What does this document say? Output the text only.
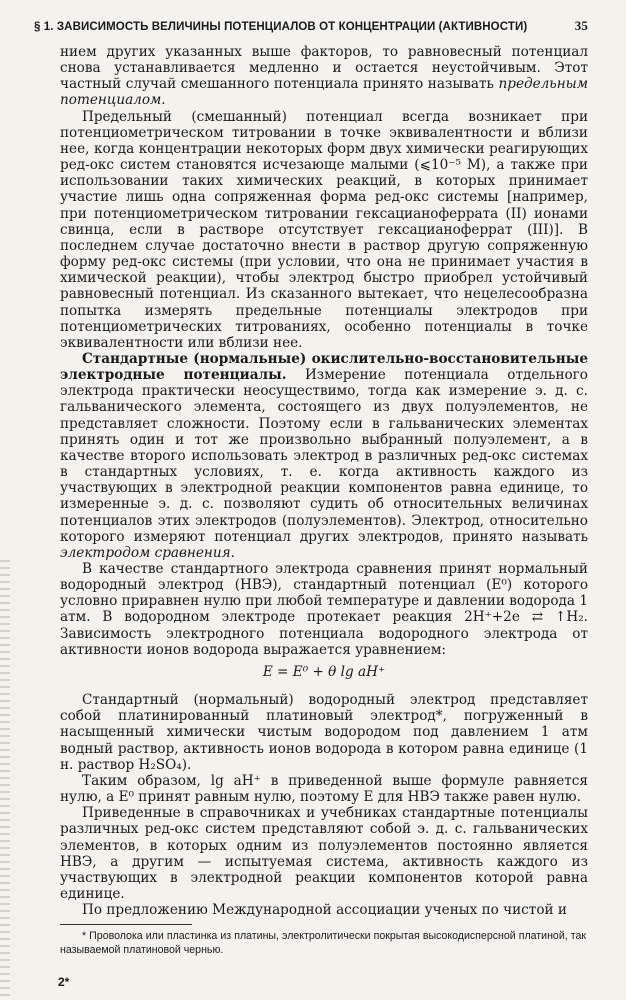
§ 1. ЗАВИСИМОСТЬ ВЕЛИЧИНЫ ПОТЕНЦИАЛОВ ОТ КОНЦЕНТРАЦИИ (АКТИВНОСТИ)	35

нием других указанных выше факторов, то равновесный потенциал снова устанавливается медленно и остается неустойчивым. Этот частный случай смешанного потенциала принято называть предельным потенциалом.

Предельный (смешанный) потенциал всегда возникает при потенциометрическом титровании в точке эквивалентности и вблизи нее, когда концентрации некоторых форм двух химически реагирующих ред-окс систем становятся исчезающе малыми (⩽10⁻⁵ M), а также при использовании таких химических реакций, в которых принимает участие лишь одна сопряженная форма ред-окс системы [например, при потенциометрическом титровании гексацианоферрата (II) ионами свинца, если в растворе отсутствует гексацианоферрат (III)]. В последнем случае достаточно внести в раствор другую сопряженную форму ред-окс системы (при условии, что она не принимает участия в химической реакции), чтобы электрод быстро приобрел устойчивый равновесный потенциал. Из сказанного вытекает, что нецелесообразна попытка измерять предельные потенциалы электродов при потенциометрических титрованиях, особенно потенциалы в точке эквивалентности или вблизи нее.

Стандартные (нормальные) окислительно-восстановительные электродные потенциалы. Измерение потенциала отдельного электрода практически неосуществимо, тогда как измерение э. д. с. гальванического элемента, состоящего из двух полуэлементов, не представляет сложности. Поэтому если в гальванических элементах принять один и тот же произвольно выбранный полуэлемент, а в качестве второго использовать электрод в различных ред-окс системах в стандартных условиях, т. е. когда активность каждого из участвующих в электродной реакции компонентов равна единице, то измеренные э. д. с. позволяют судить об относительных величинах потенциалов этих электродов (полуэлементов). Электрод, относительно которого измеряют потенциал других электродов, принято называть электродом сравнения.

В качестве стандартного электрода сравнения принят нормальный водородный электрод (НВЭ), стандартный потенциал (E⁰) которого условно приравнен нулю при любой температуре и давлении водорода 1 атм. В водородном электроде протекает реакция 2H⁺+2e ⇄ ↑H₂. Зависимость электродного потенциала водородного электрода от активности ионов водорода выражается уравнением:

E = E⁰ + θ lg aH⁺

Стандартный (нормальный) водородный электрод представляет собой платинированный платиновый электрод*, погруженный в насыщенный химически чистым водородом под давлением 1 атм водный раствор, активность ионов водорода в котором равна единице (1 н. раствор H₂SO₄).

Таким образом, lg aH⁺ в приведенной выше формуле равняется нулю, а E⁰ принят равным нулю, поэтому E для НВЭ также равен нулю.

Приведенные в справочниках и учебниках стандартные потенциалы различных ред-окс систем представляют собой э. д. с. гальванических элементов, в которых одним из полуэлементов постоянно является НВЭ, а другим — испытуемая система, активность каждого из участвующих в электродной реакции компонентов которой равна единице.

По предложению Международной ассоциации ученых по чистой и

* Проволока или пластинка из платины, электролитически покрытая высокодисперсной платиной, так называемой платиновой чернью.
2*
